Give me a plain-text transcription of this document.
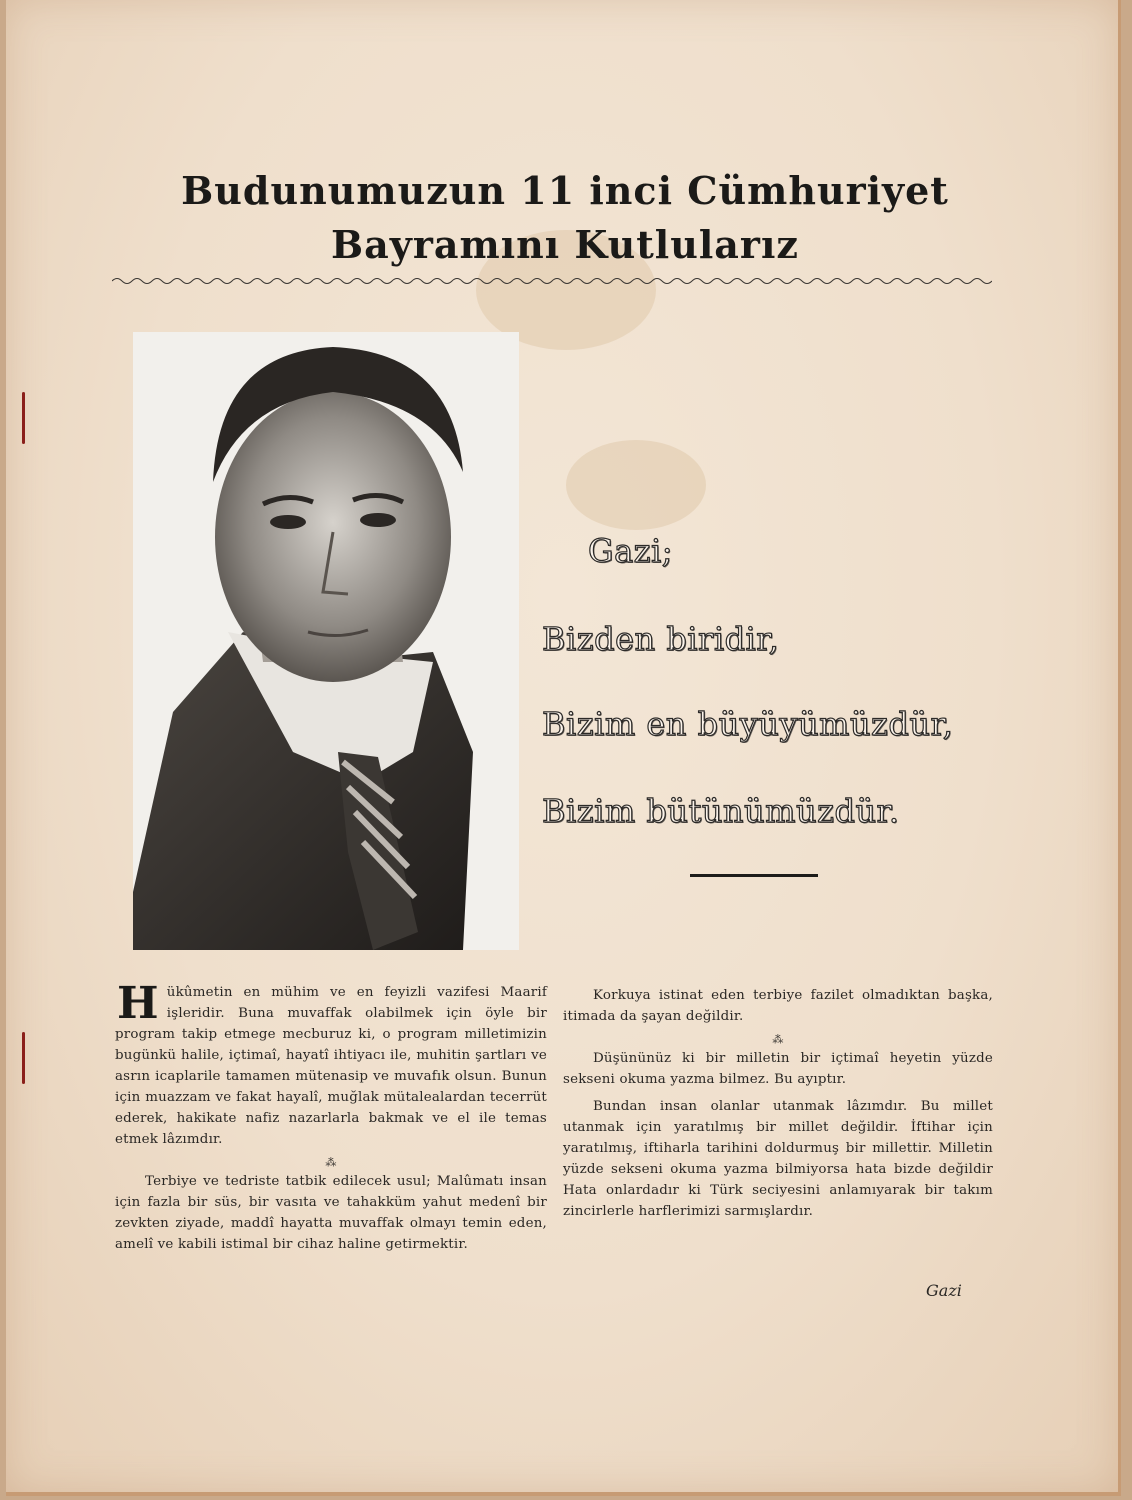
Budunumuzun 11 inci Cümhuriyet
Bayramını Kutlularız
Gazi;
Bizden biridir,
Bizim en büyüyümüzdür,
Bizim bütünümüzdür.

Hükûmetin en mühim ve en feyizli vazifesi Maarif işleridir. Buna muvaffak olabilmek için öyle bir program takip etmege mecburuz ki, o program milletimizin bugünkü halile, içtimaî, hayatî ihtiyacı ile, muhitin şartları ve asrın icaplarile tamamen mütenasip ve muvafık olsun. Bunun için muazzam ve fakat hayalî, muğlak mütalealardan tecerrüt ederek, hakikate nafiz nazarlarla bakmak ve el ile temas etmek lâzımdır.

⁂

Terbiye ve tedriste tatbik edilecek usul; Malûmatı insan için fazla bir süs, bir vasıta ve tahakküm yahut medenî bir zevkten ziyade, maddî hayatta muvaffak olmayı temin eden, amelî ve kabili istimal bir cihaz haline getirmektir.

Korkuya istinat eden terbiye fazilet olmadıktan başka, itimada da şayan değildir.

⁂

Düşününüz ki bir milletin bir içtimaî heyetin yüzde sekseni okuma yazma bilmez. Bu ayıptır.

Bundan insan olanlar utanmak lâzımdır. Bu millet utanmak için yaratılmış bir millet değildir. İftihar için yaratılmış, iftiharla tarihini doldurmuş bir millettir. Milletin yüzde sekseni okuma yazma bilmiyorsa hata bizde değildir Hata onlardadır ki Türk seciyesini anlamıyarak bir takım zincirlerle harflerimizi sarmışlardır.

Gazi
